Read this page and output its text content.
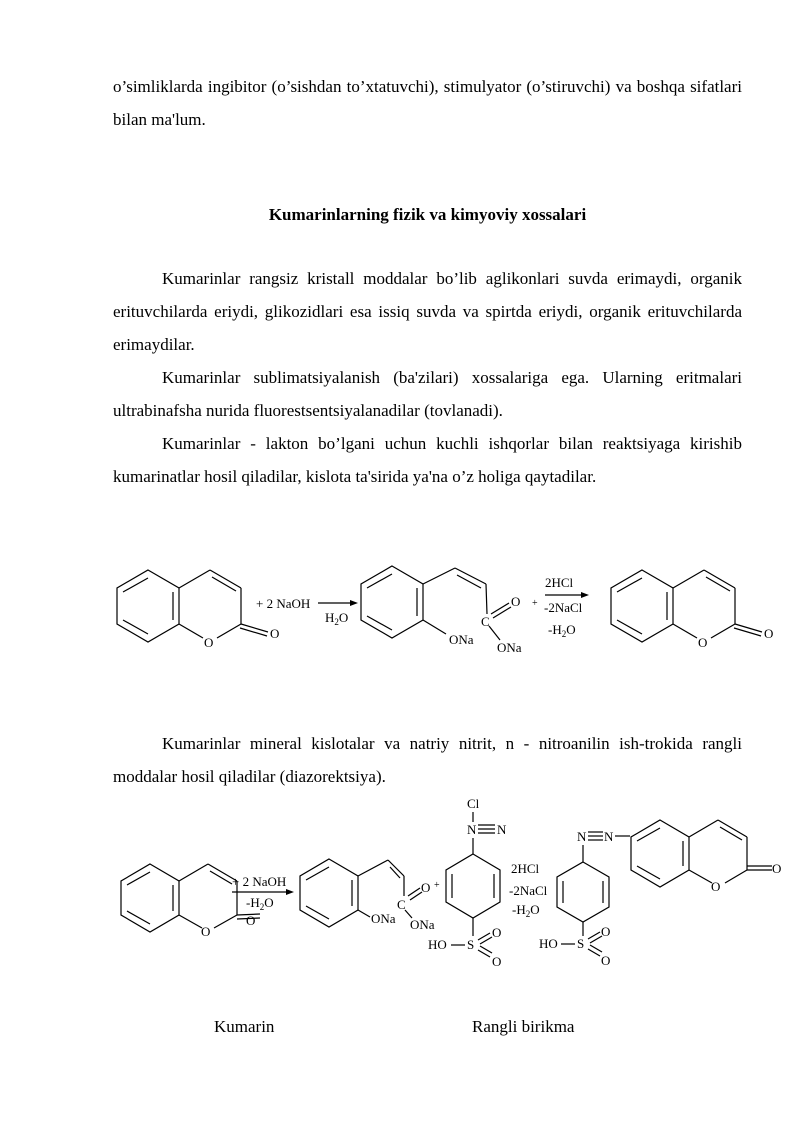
o’simliklarda ingibitor (o’sishdan to’xtatuvchi), stimulyator (o’stiruvchi) va boshqa sifatlari bilan ma'lum.

Kumarinlarning fizik va kimyoviy xossalari

Kumarinlar rangsiz kristall moddalar bo’lib aglikonlari suvda erimaydi, organik erituvchilarda eriydi, glikozidlari esa issiq suvda va spirtda eriydi, organik erituvchilarda erimaydilar.

Kumarinlar sublimatsiyalanish (ba'zilari) xossalariga ega. Ularning eritmalari ultrabinafsha nurida fluorestsentsiyalanadilar (tovlanadi).

Kumarinlar - lakton bo’lgani uchun kuchli ishqorlar bilan reaktsiyaga kirishib kumarinatlar hosil qiladilar, kislota ta'sirida ya'na o’z holiga qaytadilar.

Kumarinlar mineral kislotalar va natriy nitrit, n - nitroanilin ish-trokida rangli moddalar hosil qiladilar (diazorektsiya).

O
O
+ 2 NaOH
$H_2O$	C
O +
ONa
ONa
2HCl
-2NaCl
$-H_2O$
O
O
O
O
+ 2 NaOH
$-H_2O$	C
O +
ONa ONa
Cl
N N
S
HO
O
O
2HCl
-2NaCl
$-H_2O$
N N
S
HO
O
O
O
O
Kumarin	Rangli birikma
